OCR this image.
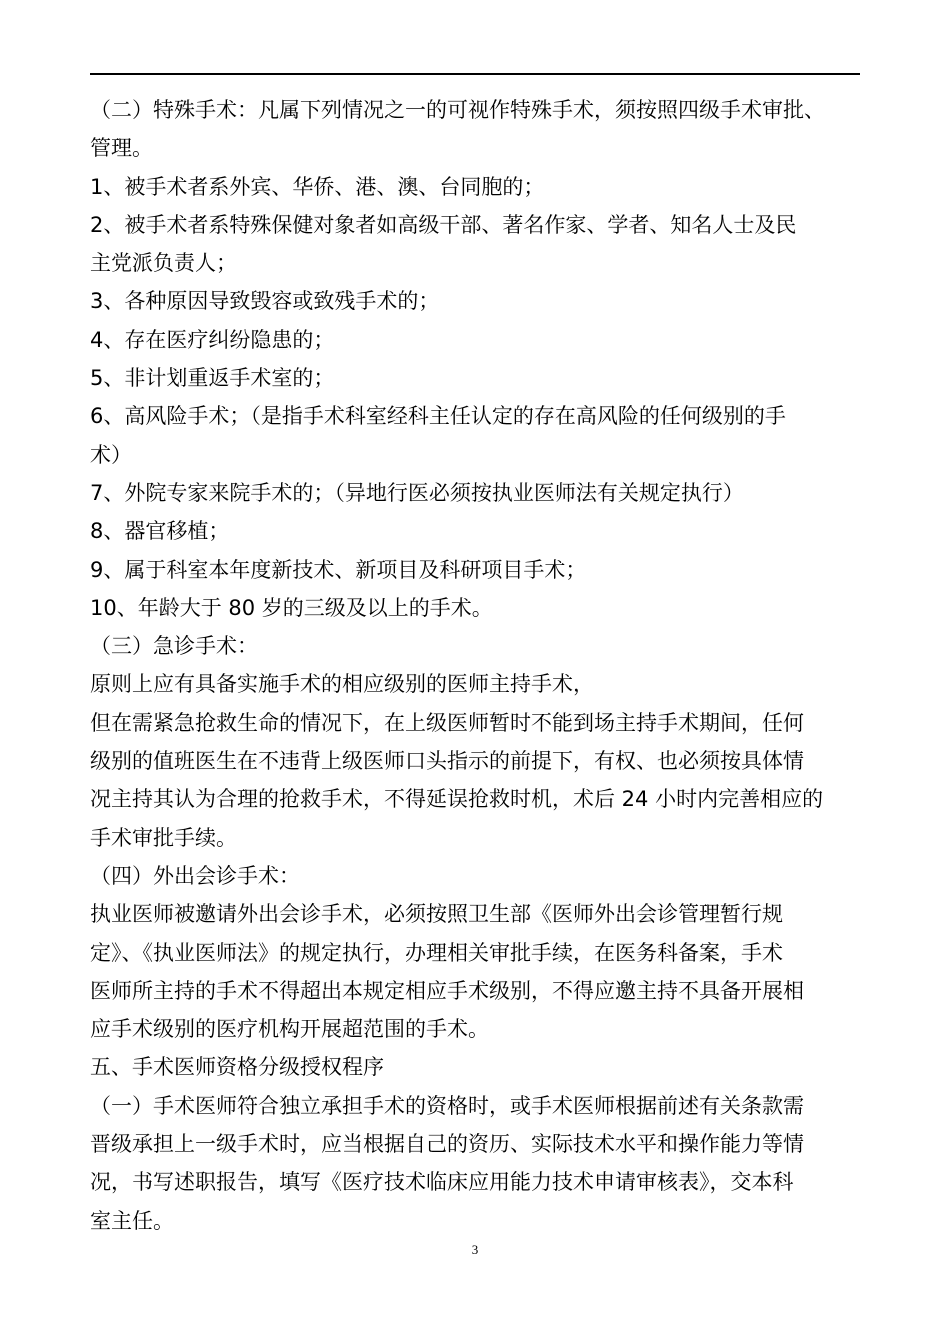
（二）特殊手术：凡属下列情况之一的可视作特殊手术，须按照四级手术审批、
管理。
1、被手术者系外宾、华侨、港、澳、台同胞的；
2、被手术者系特殊保健对象者如高级干部、著名作家、学者、知名人士及民
主党派负责人；
3、各种原因导致毁容或致残手术的；
4、存在医疗纠纷隐患的；
5、非计划重返手术室的；
6、高风险手术；（是指手术科室经科主任认定的存在高风险的任何级别的手
术）
7、外院专家来院手术的；（异地行医必须按执业医师法有关规定执行）
8、器官移植；
9、属于科室本年度新技术、新项目及科研项目手术；
10、年龄大于 80 岁的三级及以上的手术。
（三）急诊手术：
原则上应有具备实施手术的相应级别的医师主持手术，
但在需紧急抢救生命的情况下，在上级医师暂时不能到场主持手术期间，任何
级别的值班医生在不违背上级医师口头指示的前提下，有权、也必须按具体情
况主持其认为合理的抢救手术，不得延误抢救时机，术后 24 小时内完善相应的
手术审批手续。
（四）外出会诊手术：
执业医师被邀请外出会诊手术，必须按照卫生部《医师外出会诊管理暂行规
定》、《执业医师法》的规定执行，办理相关审批手续，在医务科备案，手术
医师所主持的手术不得超出本规定相应手术级别，不得应邀主持不具备开展相
应手术级别的医疗机构开展超范围的手术。
五、手术医师资格分级授权程序
（一）手术医师符合独立承担手术的资格时，或手术医师根据前述有关条款需
晋级承担上一级手术时，应当根据自己的资历、实际技术水平和操作能力等情
况，书写述职报告，填写《医疗技术临床应用能力技术申请审核表》，交本科
室主任。
3
